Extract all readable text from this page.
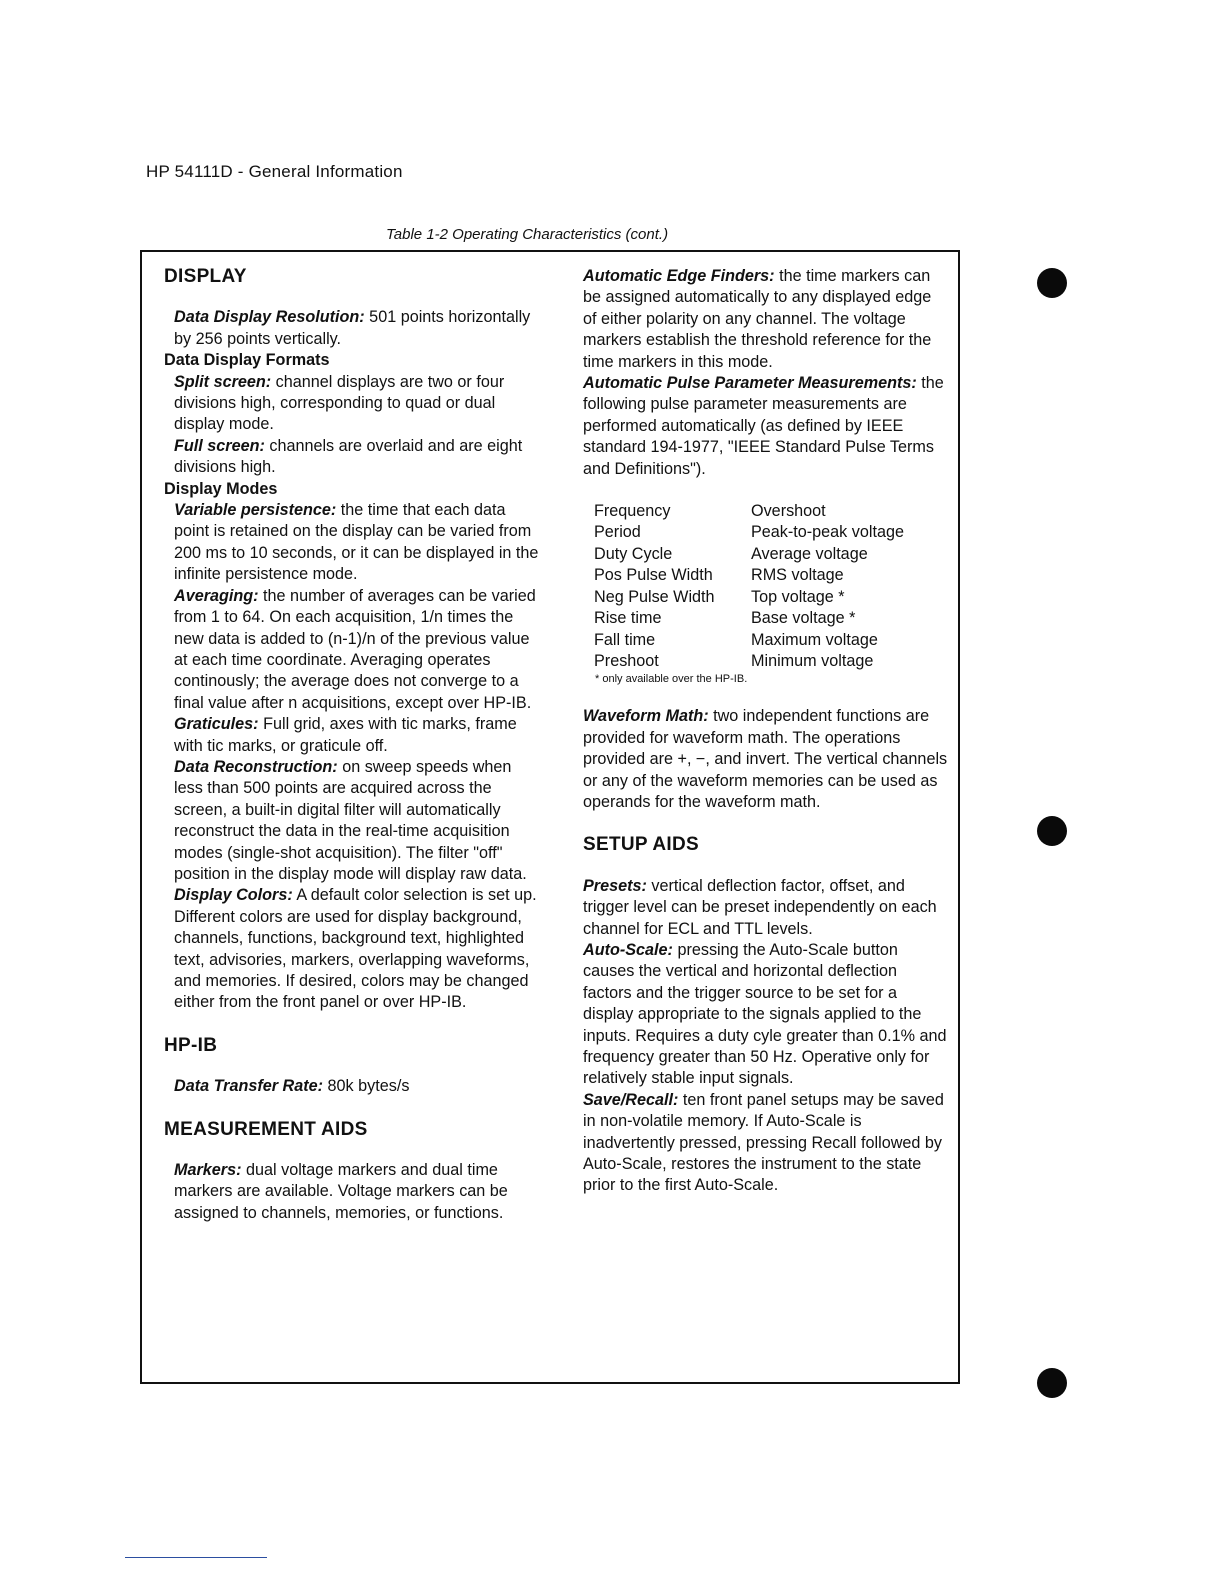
HP 54111D - General Information
Table 1-2 Operating Characteristics (cont.)
DISPLAY

Data Display Resolution: 501 points horizontally by 256 points vertically.

Data Display Formats

Split screen: channel displays are two or four divisions high, corresponding to quad or dual display mode.

Full screen: channels are overlaid and are eight divisions high.

Display Modes

Variable persistence: the time that each data point is retained on the display can be varied from 200 ms to 10 seconds, or it can be displayed in the infinite persistence mode.

Averaging: the number of averages can be varied from 1 to 64. On each acquisition, 1/n times the new data is added to (n-1)/n of the previous value at each time coordinate. Averaging operates continously; the average does not converge to a final value after n acquisitions, except over HP-IB.

Graticules: Full grid, axes with tic marks, frame with tic marks, or graticule off.

Data Reconstruction: on sweep speeds when less than 500 points are acquired across the screen, a built-in digital filter will automatically reconstruct the data in the real-time acquisition modes (single-shot acquisition). The filter "off" position in the display mode will display raw data.

Display Colors: A default color selection is set up. Different colors are used for display background, channels, functions, background text, highlighted text, advisories, markers, overlapping waveforms, and memories. If desired, colors may be changed either from the front panel or over HP-IB.

HP-IB

Data Transfer Rate: 80k bytes/s

MEASUREMENT AIDS

Markers: dual voltage markers and dual time markers are available. Voltage markers can be assigned to channels, memories, or functions.

Automatic Edge Finders: the time markers can be assigned automatically to any displayed edge of either polarity on any channel. The voltage markers establish the threshold reference for the time markers in this mode.

Automatic Pulse Parameter Measurements: the following pulse parameter measurements are performed automatically (as defined by IEEE standard 194-1977, "IEEE Standard Pulse Terms and Definitions").

Frequency	Overshoot
Period	Peak-to-peak voltage
Duty Cycle	Average voltage
Pos Pulse Width	RMS voltage
Neg Pulse Width	Top voltage *
Rise time	Base voltage *
Fall time	Maximum voltage
Preshoot	Minimum voltage
* only available over the HP-IB.

Waveform Math: two independent functions are provided for waveform math. The operations provided are +, −, and invert. The vertical channels or any of the waveform memories can be used as operands for the waveform math.

SETUP AIDS

Presets: vertical deflection factor, offset, and trigger level can be preset independently on each channel for ECL and TTL levels.

Auto-Scale: pressing the Auto-Scale button causes the vertical and horizontal deflection factors and the trigger source to be set for a display appropriate to the signals applied to the inputs. Requires a duty cyle greater than 0.1% and frequency greater than 50 Hz. Operative only for relatively stable input signals.

Save/Recall: ten front panel setups may be saved in non-volatile memory. If Auto-Scale is inadvertently pressed, pressing Recall followed by Auto-Scale, restores the instrument to the state prior to the first Auto-Scale.
